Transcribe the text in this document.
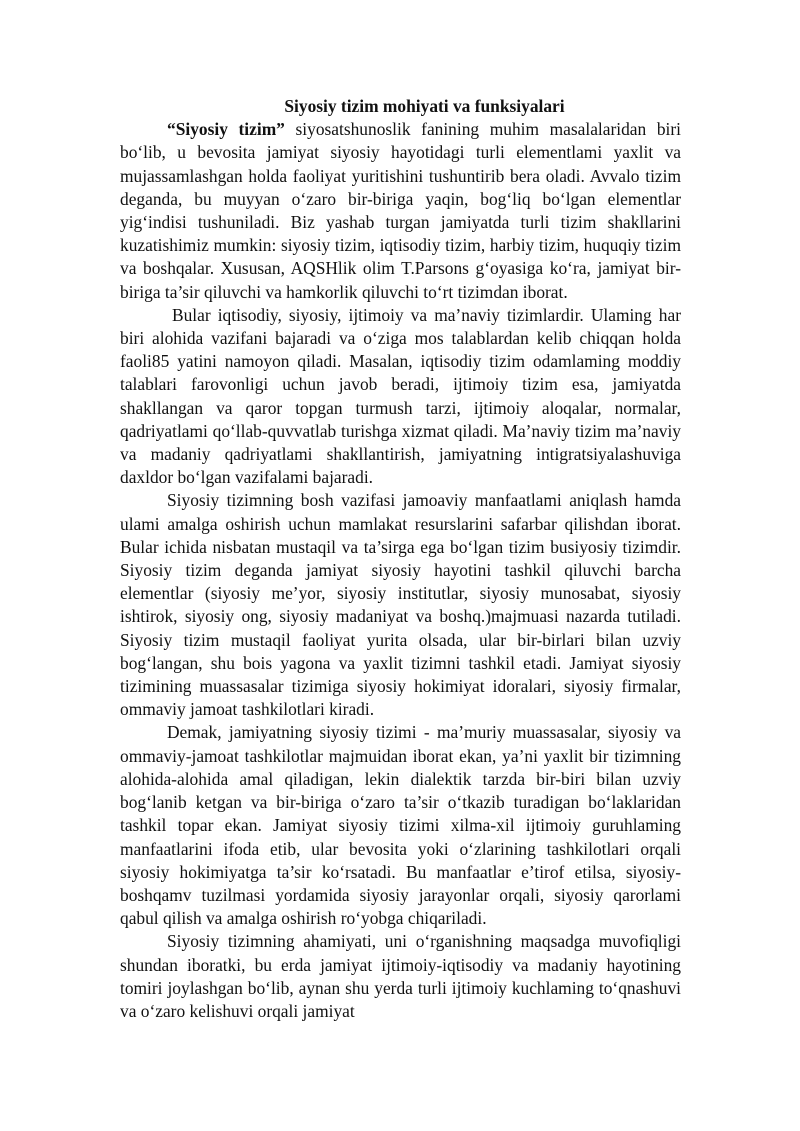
Siyosiy tizim mohiyati va funksiyalari

“Siyosiy tizim” siyosatshunoslik fanining muhim masalalaridan biri bo‘lib, u bevosita jamiyat siyosiy hayotidagi turli elementlami yaxlit va mujassamlashgan holda faoliyat yuritishini tushuntirib bera oladi. Avvalo tizim deganda, bu muyyan o‘zaro bir-biriga yaqin, bog‘liq bo‘lgan elementlar yig‘indisi tushuniladi. Biz yashab turgan jamiyatda turli tizim shakllarini kuzatishimiz mumkin: siyosiy tizim, iqtisodiy tizim, harbiy tizim, huquqiy tizim va boshqalar. Xususan, AQSHlik olim T.Parsons g‘oyasiga ko‘ra, jamiyat bir-biriga ta’sir qiluvchi va hamkorlik qiluvchi to‘rt tizimdan iborat.

Bular iqtisodiy, siyosiy, ijtimoiy va ma’naviy tizimlardir. Ulaming har biri alohida vazifani bajaradi va o‘ziga mos talablardan kelib chiqqan holda faoli85 yatini namoyon qiladi. Masalan, iqtisodiy tizim odamlaming moddiy talablari farovonligi uchun javob beradi, ijtimoiy tizim esa, jamiyatda shakllangan va qaror topgan turmush tarzi, ijtimoiy aloqalar, normalar, qadriyatlami qo‘llab-quvvatlab turishga xizmat qiladi. Ma’naviy tizim ma’naviy va madaniy qadriyatlami shakllantirish, jamiyatning intigratsiyalashuviga daxldor bo‘lgan vazifalami bajaradi.

Siyosiy tizimning bosh vazifasi jamoaviy manfaatlami aniqlash hamda ulami amalga oshirish uchun mamlakat resurslarini safarbar qilishdan iborat. Bular ichida nisbatan mustaqil va ta’sirga ega bo‘lgan tizim busiyosiy tizimdir. Siyosiy tizim deganda jamiyat siyosiy hayotini tashkil qiluvchi barcha elementlar (siyosiy me’yor, siyosiy institutlar, siyosiy munosabat, siyosiy ishtirok, siyosiy ong, siyosiy madaniyat va boshq.)majmuasi nazarda tutiladi. Siyosiy tizim mustaqil faoliyat yurita olsada, ular bir-birlari bilan uzviy bog‘langan, shu bois yagona va yaxlit tizimni tashkil etadi. Jamiyat siyosiy tizimining muassasalar tizimiga siyosiy hokimiyat idoralari, siyosiy firmalar, ommaviy jamoat tashkilotlari kiradi.

Demak, jamiyatning siyosiy tizimi - ma’muriy muassasalar, siyosiy va ommaviy-jamoat tashkilotlar majmuidan iborat ekan, ya’ni yaxlit bir tizimning alohida-alohida amal qiladigan, lekin dialektik tarzda bir-biri bilan uzviy bog‘lanib ketgan va bir-biriga o‘zaro ta’sir o‘tkazib turadigan bo‘laklaridan tashkil topar ekan. Jamiyat siyosiy tizimi xilma-xil ijtimoiy guruhlaming manfaatlarini ifoda etib, ular bevosita yoki o‘zlarining tashkilotlari orqali siyosiy hokimiyatga ta’sir ko‘rsatadi. Bu manfaatlar e’tirof etilsa, siyosiy-boshqamv tuzilmasi yordamida siyosiy jarayonlar orqali, siyosiy qarorlami qabul qilish va amalga oshirish ro‘yobga chiqariladi.

Siyosiy tizimning ahamiyati, uni o‘rganishning maqsadga muvofiqligi shundan iboratki, bu erda jamiyat ijtimoiy-iqtisodiy va madaniy hayotining tomiri joylashgan bo‘lib, aynan shu yerda turli ijtimoiy kuchlaming to‘qnashuvi va o‘zaro kelishuvi orqali jamiyat
